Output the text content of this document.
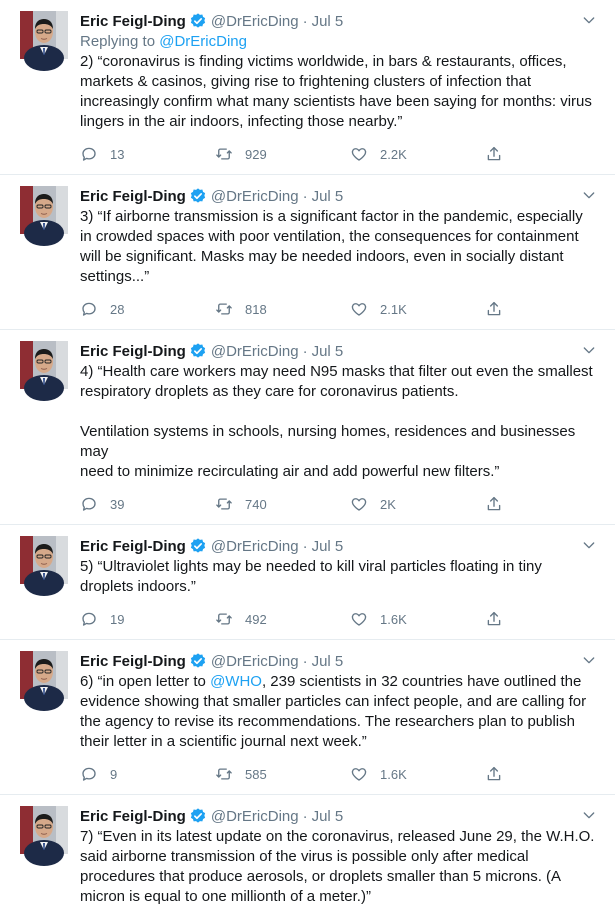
Eric Feigl-Ding @DrEricDing · Jul 5
Replying to @DrEricDing
2) “coronavirus is finding victims worldwide, in bars & restaurants, offices,
markets & casinos, giving rise to frightening clusters of infection that
increasingly confirm what many scientists have been saying for months: virus
lingers in the air indoors, infecting those nearby.”
13	929	2.2K
Eric Feigl-Ding @DrEricDing · Jul 5
3) “If airborne transmission is a significant factor in the pandemic, especially
in crowded spaces with poor ventilation, the consequences for containment
will be significant. Masks may be needed indoors, even in socially distant
settings...”
28	818	2.1K
Eric Feigl-Ding @DrEricDing · Jul 5
4) “Health care workers may need N95 masks that filter out even the smallest
respiratory droplets as they care for coronavirus patients.

Ventilation systems in schools, nursing homes, residences and businesses may
need to minimize recirculating air and add powerful new filters.”
39	740	2K
Eric Feigl-Ding @DrEricDing · Jul 5
5) “Ultraviolet lights may be needed to kill viral particles floating in tiny
droplets indoors.”
19	492	1.6K
Eric Feigl-Ding @DrEricDing · Jul 5
6) “in open letter to @WHO, 239 scientists in 32 countries have outlined the
evidence showing that smaller particles can infect people, and are calling for
the agency to revise its recommendations. The researchers plan to publish
their letter in a scientific journal next week.”
9	585	1.6K
Eric Feigl-Ding @DrEricDing · Jul 5
7) “Even in its latest update on the coronavirus, released June 29, the W.H.O.
said airborne transmission of the virus is possible only after medical
procedures that produce aerosols, or droplets smaller than 5 microns. (A
micron is equal to one millionth of a meter.)”
